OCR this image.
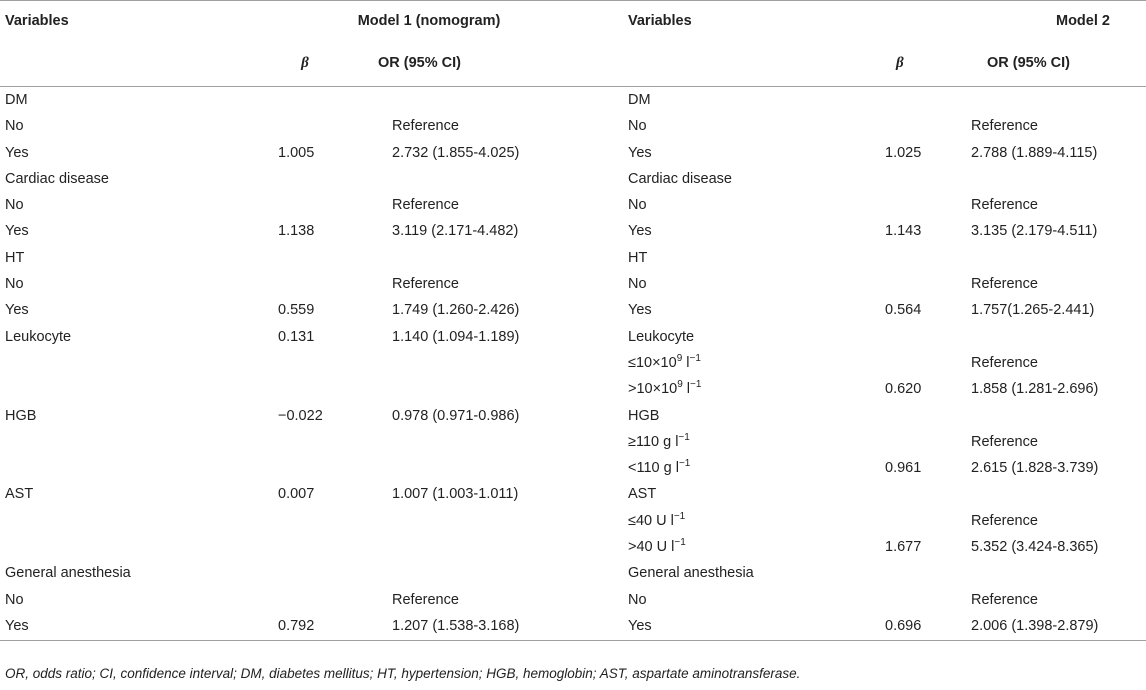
Variables	Model 1 (nomogram)		Variables	Model 2	
	β	OR (95% CI)		β	OR (95% CI)
DM			DM		
No		Reference	No		Reference
Yes	1.005	2.732 (1.855-4.025)	Yes	1.025	2.788 (1.889-4.115)
Cardiac disease			Cardiac disease		
No		Reference	No		Reference
Yes	1.138	3.119 (2.171-4.482)	Yes	1.143	3.135 (2.179-4.511)
HT			HT		
No		Reference	No		Reference
Yes	0.559	1.749 (1.260-2.426)	Yes	0.564	1.757(1.265-2.441)
Leukocyte	0.131	1.140 (1.094-1.189)	Leukocyte		
			$\le 10\times 10^9$ $l^{-1}$		Reference
			$>10\times 10^9$ $l^{-1}$	0.620	1.858 (1.281-2.696)
HGB	−0.022	0.978 (0.971-0.986)	HGB		
			≥110 g $l^{-1}$		Reference
			<110 g $l^{-1}$	0.961	2.615 (1.828-3.739)
AST	0.007	1.007 (1.003-1.011)	AST		
			≤40 U $l^{-1}$		Reference
			>40 U $l^{-1}$	1.677	5.352 (3.424-8.365)
General anesthesia			General anesthesia		
No		Reference	No		Reference
Yes	0.792	1.207 (1.538-3.168)	Yes	0.696	2.006 (1.398-2.879)
OR, odds ratio; CI, confidence interval; DM, diabetes mellitus; HT, hypertension; HGB, hemoglobin; AST, aspartate aminotransferase.
